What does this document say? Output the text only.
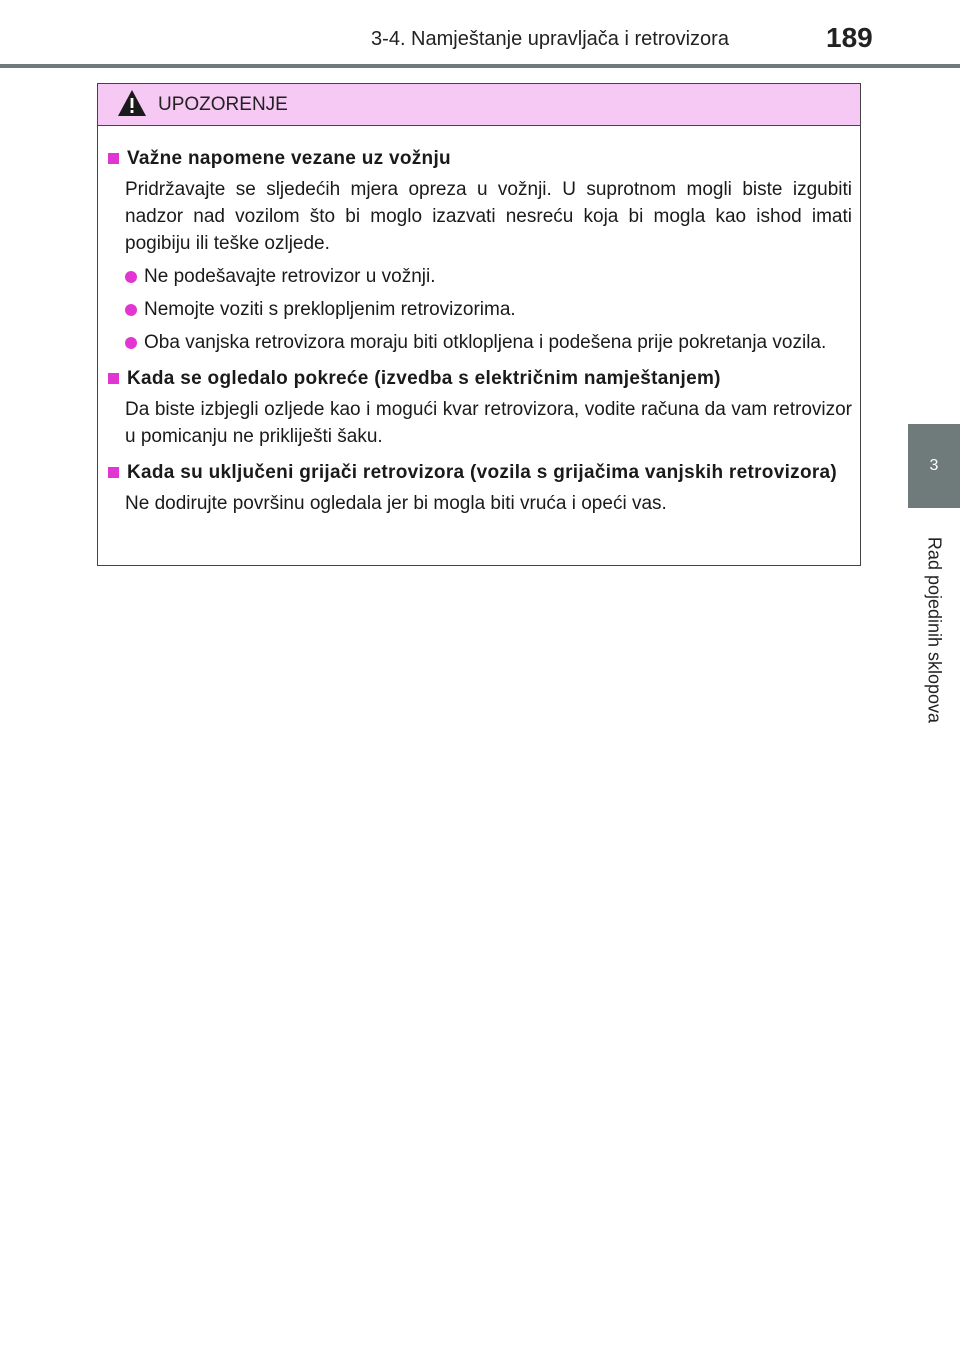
3-4. Namještanje upravljača i retrovizora	189
3
Rad pojedinih sklopova
UPOZORENJE
Važne napomene vezane uz vožnju
Pridržavajte se sljedećih mjera opreza u vožnji. U suprotnom mogli biste izgubiti nadzor nad vozilom što bi moglo izazvati nesreću koja bi mogla kao ishod imati pogibiju ili teške ozljede.
Ne podešavajte retrovizor u vožnji.
Nemojte voziti s preklopljenim retrovizorima.
Oba vanjska retrovizora moraju biti otklopljena i podešena prije pokretanja vozila.
Kada se ogledalo pokreće (izvedba s električnim namještanjem)
Da biste izbjegli ozljede kao i mogući kvar retrovizora, vodite računa da vam retrovizor u pomicanju ne prikliješti šaku.
Kada su uključeni grijači retrovizora (vozila s grijačima vanjskih retrovizora)
Ne dodirujte površinu ogledala jer bi mogla biti vruća i opeći vas.
